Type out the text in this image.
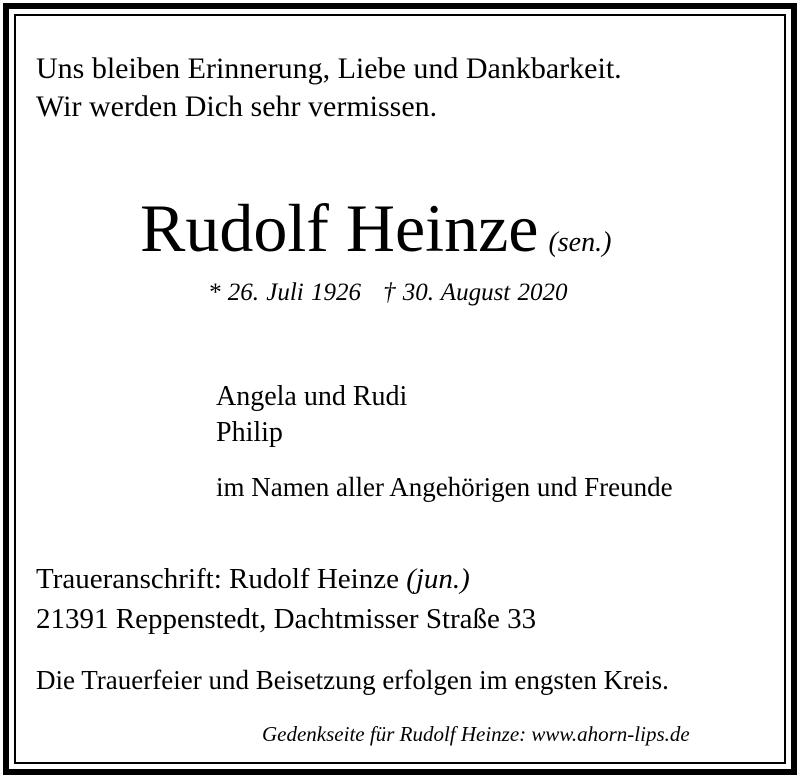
Uns bleiben Erinnerung, Liebe und Dankbarkeit.
Wir werden Dich sehr vermissen.
Rudolf Heinze (sen.)
* 26. Juli 1926 † 30. August 2020
Angela und Rudi
Philip
im Namen aller Angehörigen und Freunde
Traueranschrift: Rudolf Heinze (jun.)
21391 Reppenstedt, Dachtmisser Straße 33
Die Trauerfeier und Beisetzung erfolgen im engsten Kreis.
Gedenkseite für Rudolf Heinze: www.ahorn-lips.de
